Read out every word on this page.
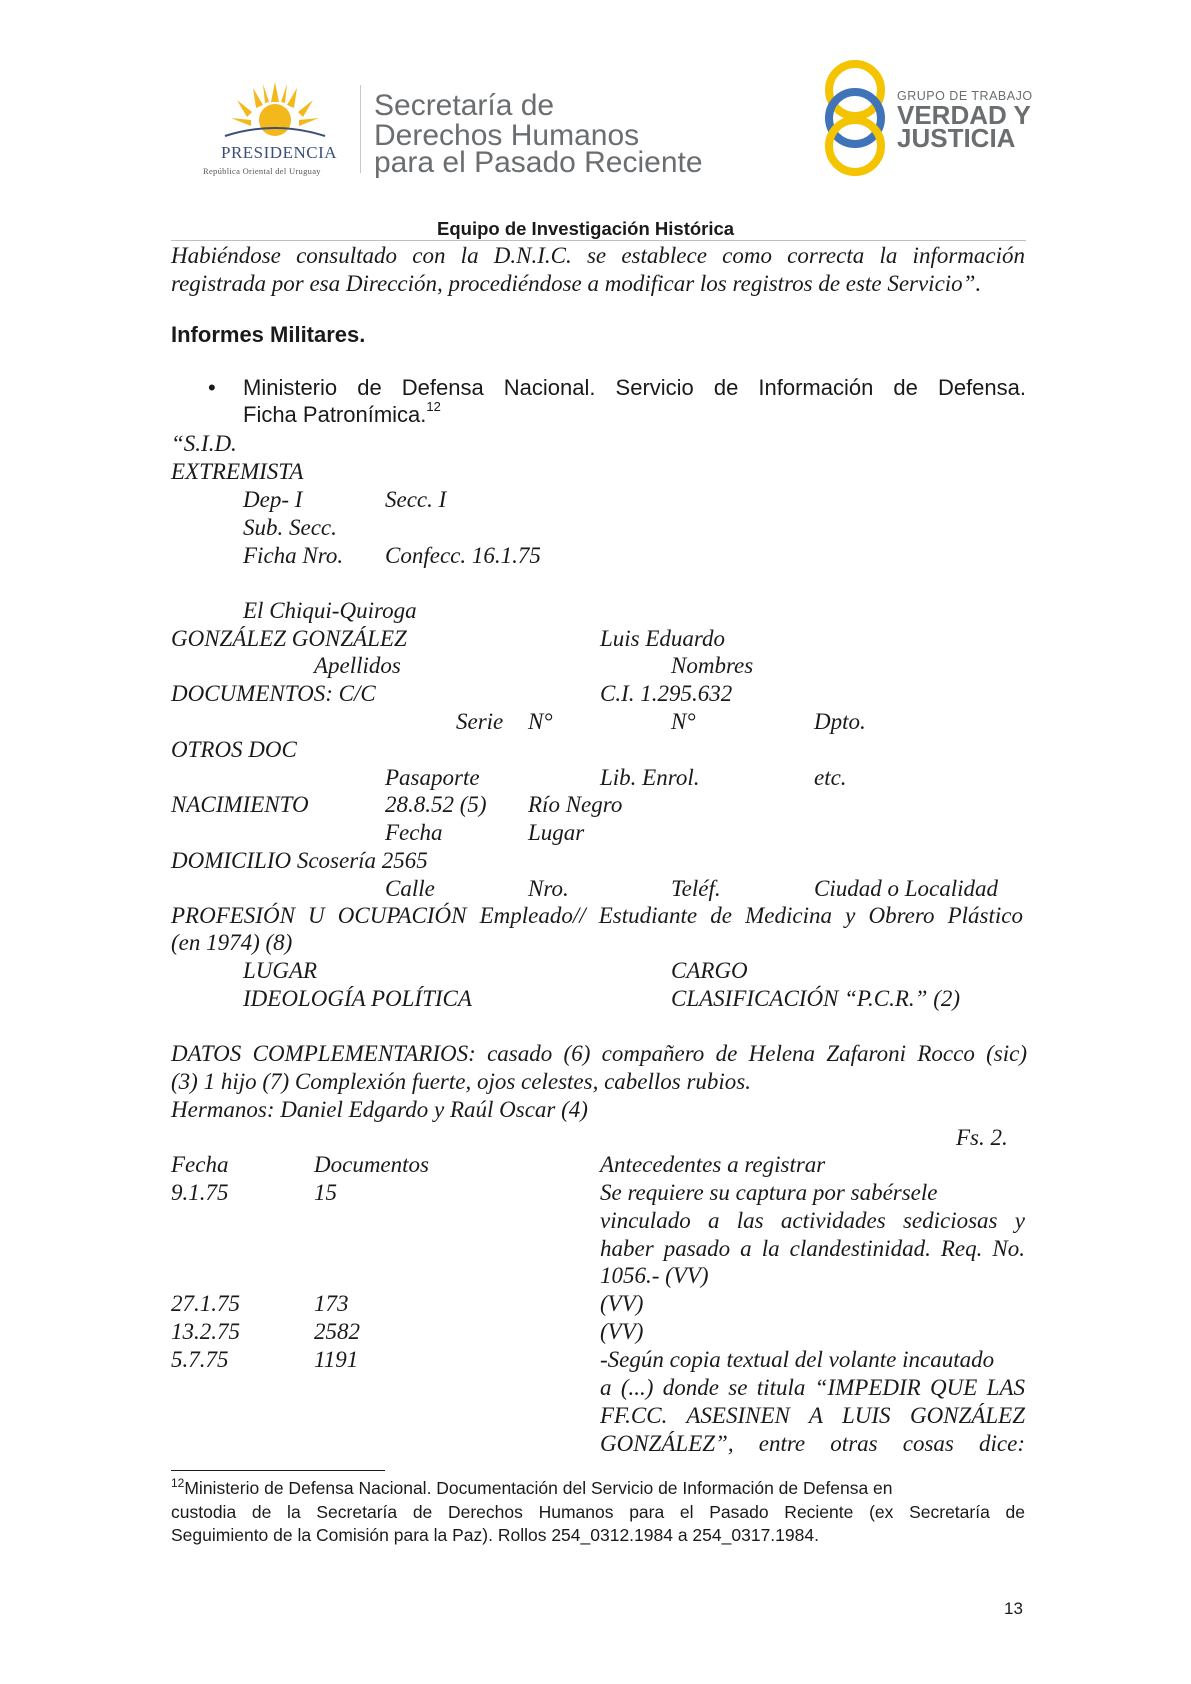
PRESIDENCIA
República Oriental del Uruguay
Secretaría de
Derechos Humanos
para el Pasado Reciente
GRUPO DE TRABAJO
VERDAD Y
JUSTICIA
Equipo de Investigación Histórica
Habiéndose consultado con la D.N.I.C. se establece como correcta la información
registrada por esa Dirección, procediéndose a modificar los registros de este Servicio”.
Informes Militares.
• Ministerio de Defensa Nacional. Servicio de Información de Defensa.
Ficha Patronímica.$^{12}$
“S.I.D.
EXTREMISTA
Dep- I	Secc. I
Sub. Secc.
Ficha Nro. Confecc. 16.1.75
El Chiqui-Quiroga
GONZÁLEZ GONZÁLEZ	Luis Eduardo
Apellidos	Nombres
DOCUMENTOS: C/C	C.I. 1.295.632
Serie N°	N°	Dpto.
OTROS DOC
Pasaporte	Lib. Enrol.	etc.
NACIMIENTO	28.8.52 (5) Río Negro
Fecha	Lugar
DOMICILIO Scosería 2565
Calle	Nro.	Teléf.	Ciudad o Localidad
PROFESIÓN U OCUPACIÓN Empleado// Estudiante de Medicina y Obrero Plástico
(en 1974) (8)
LUGAR	CARGO
IDEOLOGÍA POLÍTICA	CLASIFICACIÓN “P.C.R.” (2)
DATOS COMPLEMENTARIOS: casado (6) compañero de Helena Zafaroni Rocco (sic)
(3) 1 hijo (7) Complexión fuerte, ojos celestes, cabellos rubios.
Hermanos: Daniel Edgardo y Raúl Oscar (4)
Fs. 2.
Fecha	Documentos	Antecedentes a registrar
9.1.75	15	Se requiere su captura por sabérsele
vinculado a las actividades sediciosas y
haber pasado a la clandestinidad. Req. No.
1056.- (VV)
27.1.75	173	(VV)
13.2.75	2582	(VV)
5.7.75	1191	-Según copia textual del volante incautado
a (...) donde se titula “IMPEDIR QUE LAS
FF.CC. ASESINEN A LUIS GONZÁLEZ
GONZÁLEZ”, entre otras cosas dice:
$^{12}$Ministerio de Defensa Nacional. Documentación del Servicio de Información de Defensa en
custodia de la Secretaría de Derechos Humanos para el Pasado Reciente (ex Secretaría de
Seguimiento de la Comisión para la Paz). Rollos 254_0312.1984 a 254_0317.1984.
13
